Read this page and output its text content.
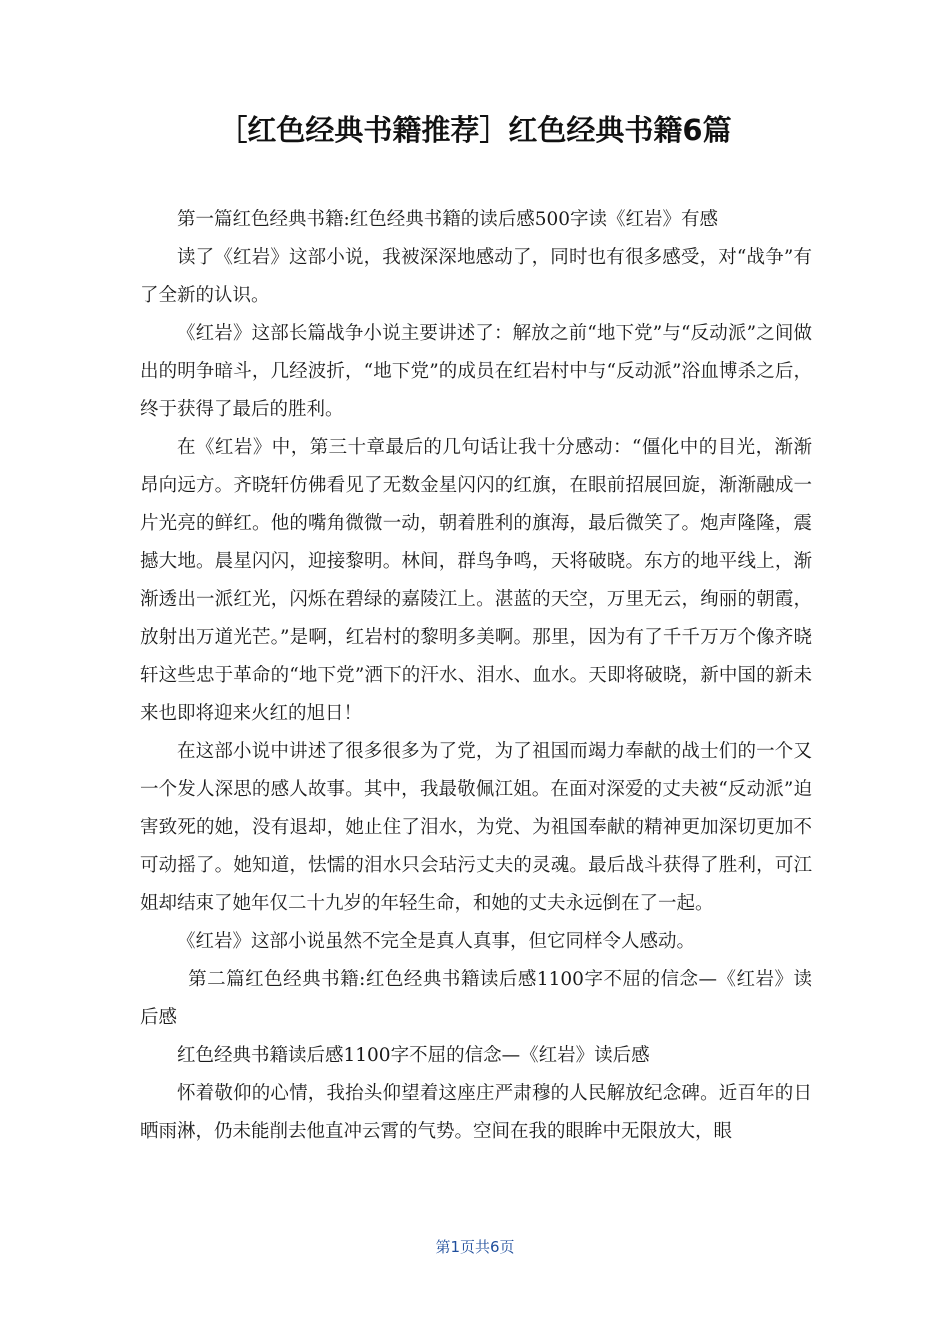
［红色经典书籍推荐］红色经典书籍6篇

第一篇红色经典书籍:红色经典书籍的读后感500字读《红岩》有感

读了《红岩》这部小说，我被深深地感动了，同时也有很多感受，对“战争”有了全新的认识。

《红岩》这部长篇战争小说主要讲述了：解放之前“地下党”与“反动派”之间做出的明争暗斗，几经波折，“地下党”的成员在红岩村中与“反动派”浴血博杀之后，终于获得了最后的胜利。

在《红岩》中，第三十章最后的几句话让我十分感动：“僵化中的目光，渐渐昂向远方。齐晓轩仿佛看见了无数金星闪闪的红旗，在眼前招展回旋，渐渐融成一片光亮的鲜红。他的嘴角微微一动，朝着胜利的旗海，最后微笑了。炮声隆隆，震撼大地。晨星闪闪，迎接黎明。林间，群鸟争鸣，天将破晓。东方的地平线上，渐渐透出一派红光，闪烁在碧绿的嘉陵江上。湛蓝的天空，万里无云，绚丽的朝霞，放射出万道光芒。”是啊，红岩村的黎明多美啊。那里，因为有了千千万万个像齐晓轩这些忠于革命的“地下党”洒下的汗水、泪水、血水。天即将破晓，新中国的新未来也即将迎来火红的旭日！

在这部小说中讲述了很多很多为了党，为了祖国而竭力奉献的战士们的一个又一个发人深思的感人故事。其中，我最敬佩江姐。在面对深爱的丈夫被“反动派”迫害致死的她，没有退却，她止住了泪水，为党、为祖国奉献的精神更加深切更加不可动摇了。她知道，怯懦的泪水只会玷污丈夫的灵魂。最后战斗获得了胜利，可江姐却结束了她年仅二十九岁的年轻生命，和她的丈夫永远倒在了一起。

《红岩》这部小说虽然不完全是真人真事，但它同样令人感动。

第二篇红色经典书籍:红色经典书籍读后感1100字不屈的信念—《红岩》读后感

红色经典书籍读后感1100字不屈的信念—《红岩》读后感

怀着敬仰的心情，我抬头仰望着这座庄严肃穆的人民解放纪念碑。近百年的日晒雨淋，仍未能削去他直冲云霄的气势。空间在我的眼眸中无限放大，眼

第1页共6页
